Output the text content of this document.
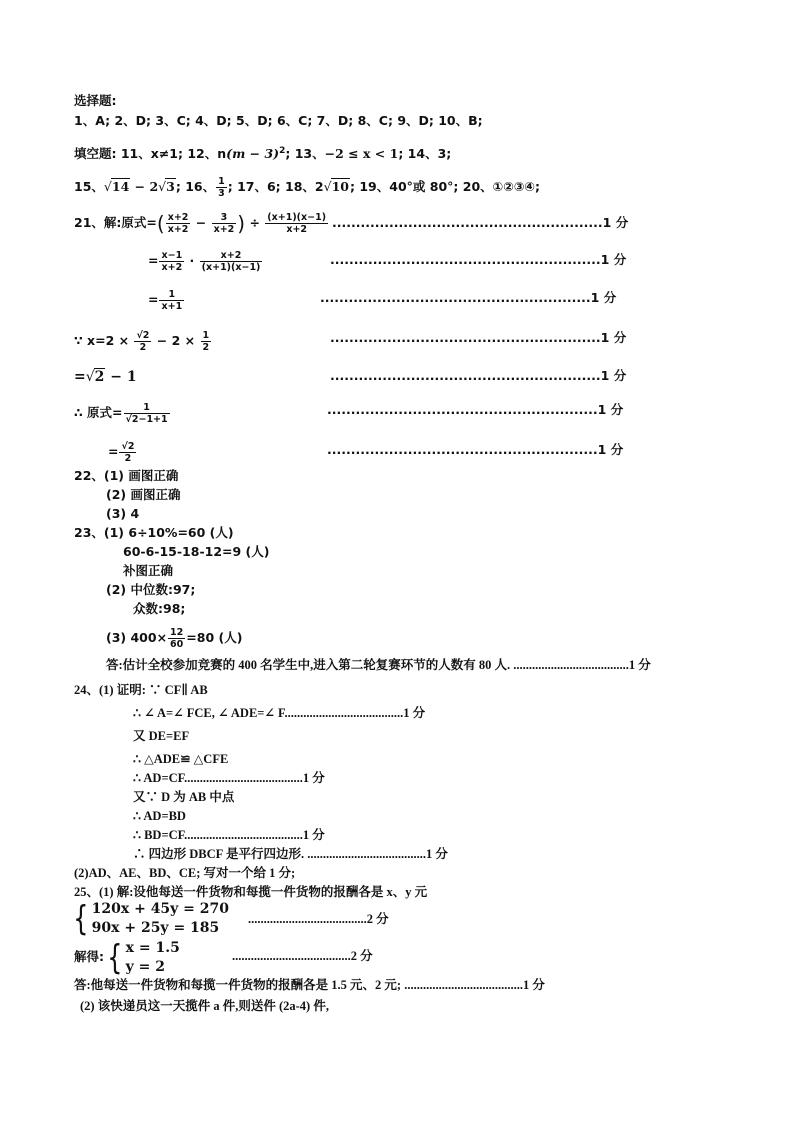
选择题:
1、A; 2、D; 3、C; 4、D; 5、D; 6、C; 7、D; 8、C; 9、D; 10、B;
填空题: 11、x≠1; 12、$n(m - 3)^2$; 13、−2 ≤ x < 1; 14、3;
15、√14 − 2√3; 16、 $\frac{1}{3}$ ; 17、6; 18、2√10; 19、40°或 80°; 20、①②③④;
21、解:原式=( $\frac{x+2}{x+2} - \frac{3}{x+2}$ ) ÷ $\frac{(x+1)(x-1)}{x+2} .........................................................1$ 分
= $\frac{x-1}{x+2} \cdot \frac{x+2}{(x+1)(x-1)}$	.........................................................1 分
= $\frac{1}{x+1}$	.........................................................1 分
∵ $x=2 \times \frac{√2}{2} - 2 \times \frac{1}{2}$	.........................................................1 分
=√2 − 1	.........................................................1 分
∴ 原式= $\frac{1}{√2-1+1}$	.........................................................1 分
= $\frac{√2}{2}$	.........................................................1 分
22、(1) 画图正确
(2) 画图正确
(3) 4
23、(1) 6÷10%=60 (人)
60-6-15-18-12=9 (人)
补图正确
(2) 中位数:97;
众数:98;
(3) $400\times \frac{12}{60} =80$ (人)
答:估计全校参加竞赛的 400 名学生中,进入第二轮复赛环节的人数有 80 人. .....................................1 分
24、(1) 证明: ∵ CF∥ AB
∴ ∠ A=∠ FCE, ∠ ADE=∠ F......................................1 分
又 DE=EF
∴ △ADE≌ △CFE
∴ AD=CF......................................1 分
又∵ D 为 AB 中点
∴ AD=BD
∴ BD=CF......................................1 分
∴ 四边形 DBCF 是平行四边形. ......................................1 分
(2)AD、AE、BD、CE; 写对一个给 1 分;
25、(1) 解:设他每送一件货物和每揽一件货物的报酬各是 x、y 元
{ 120x + 45y = 270
90x + 25y = 185
......................................2 分
解得:{ x = 1.5
y = 2
......................................2 分
答:他每送一件货物和每揽一件货物的报酬各是 1.5 元、2 元; ......................................1 分
(2) 该快递员这一天揽件 a 件,则送件 (2a-4) 件,
